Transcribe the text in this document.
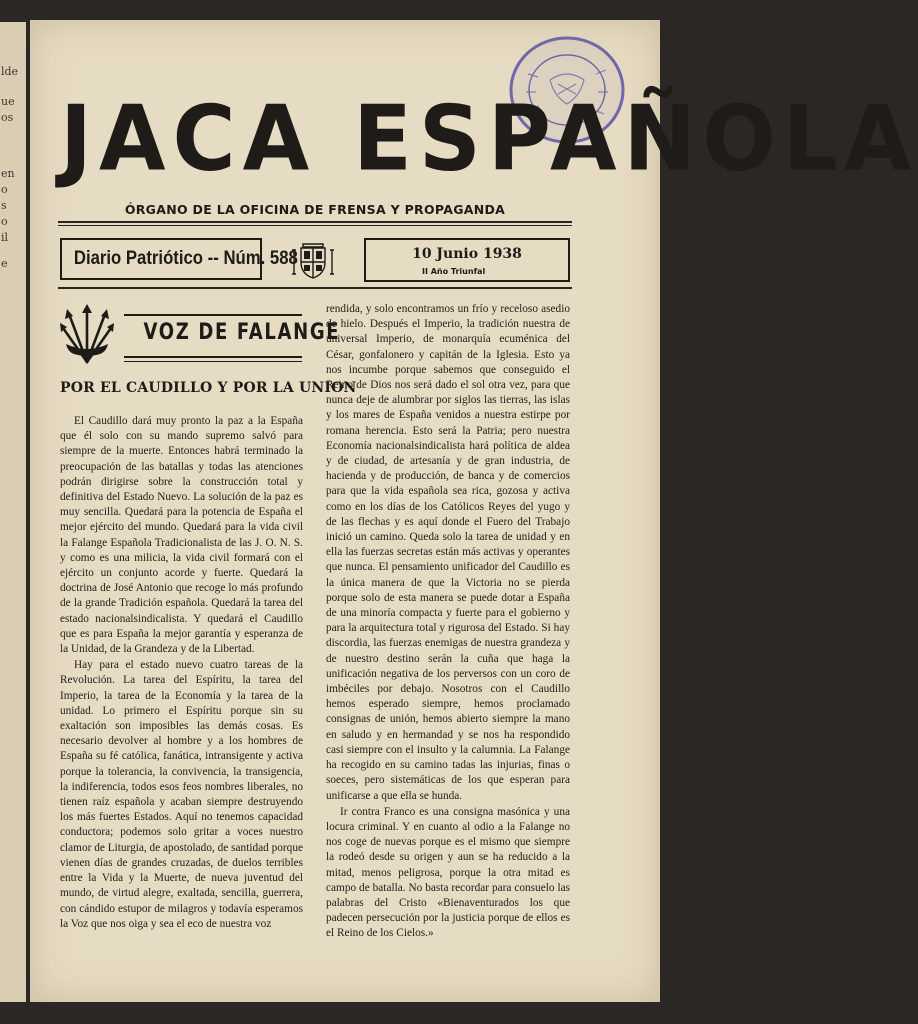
lde
ue
os
en
o
s
o
il
e
JACA ESPAÑOLA
ÓRGANO DE LA OFICINA DE FRENSA Y PROPAGANDA
Diario Patriótico -- Núm. 588	10 Junio 1938
II Año Triunfal
VOZ DE FALANGE
POR EL CAUDILLO Y POR LA UNION

El Caudillo dará muy pronto la paz a la España que él solo con su mando supremo salvó para siempre de la muerte. Entonces habrá terminado la preocupación de las batallas y todas las atenciones podrán dirigirse sobre la construcción total y definitiva del Estado Nuevo. La solución de la paz es muy sencilla. Quedará para la potencia de España el mejor ejército del mundo. Quedará para la vida civil la Falange Española Tradicionalista de las J. O. N. S. y como es una milicia, la vida civil formará con el ejército un conjunto acorde y fuerte. Quedará la doctrina de José Antonio que recoge lo más profundo de la grande Tradición española. Quedará la tarea del estado nacionalsindicalista. Y quedará el Caudillo que es para España la mejor garantía y esperanza de la Unidad, de la Grandeza y de la Libertad.

Hay para el estado nuevo cuatro tareas de la Revolución. La tarea del Espíritu, la tarea del Imperio, la tarea de la Economía y la tarea de la unidad. Lo primero el Espíritu porque sin su exaltación son imposibles las demás cosas. Es necesario devolver al hombre y a los hombres de España su fé católica, fanática, intransigente y activa porque la tolerancia, la convivencia, la transigencia, la indiferencia, todos esos feos nombres liberales, no tienen raíz española y acaban siempre destruyendo los más fuertes Estados. Aquí no tenemos capacidad conductora; podemos solo gritar a voces nuestro clamor de Liturgia, de apostolado, de santidad porque vienen días de grandes cruzadas, de duelos terribles entre la Vida y la Muerte, de nueva juventud del mundo, de virtud alegre, exaltada, sencilla, guerrera, con cándido estupor de milagros y todavía esperamos la Voz que nos oiga y sea el eco de nuestra voz

rendida, y solo encontramos un frío y receloso asedio de hielo. Después el Imperio, la tradición nuestra de universal Imperio, de monarquía ecuménica del César, gonfalonero y capitán de la Iglesia. Esto ya nos incumbe porque sabemos que conseguido el Reino de Dios nos será dado el sol otra vez, para que nunca deje de alumbrar por siglos las tierras, las islas y los mares de España venidos a nuestra estirpe por romana herencia. Esto será la Patria; pero nuestra Economía nacionalsindicalista hará política de aldea y de ciudad, de artesanía y de gran industria, de hacienda y de producción, de banca y de comercios para que la vida española sea rica, gozosa y activa como en los días de los Católicos Reyes del yugo y de las flechas y es aquí donde el Fuero del Trabajo inició un camino. Queda solo la tarea de unidad y en ella las fuerzas secretas están más activas y operantes que nunca. El pensamiento unificador del Caudillo es la única manera de que la Victoria no se pierda porque solo de esta manera se puede dotar a España de una minoría compacta y fuerte para el gobierno y para la arquitectura total y rigurosa del Estado. Si hay discordia, las fuerzas enemigas de nuestra grandeza y de nuestro destino serán la cuña que haga la unificación negativa de los perversos con un coro de imbéciles por debajo. Nosotros con el Caudillo hemos esperado siempre, hemos proclamado consignas de unión, hemos abierto siempre la mano en saludo y en hermandad y se nos ha respondido casi siempre con el insulto y la calumnia. La Falange ha recogido en su camino tadas las injurias, finas o soeces, pero sistemáticas de los que esperan para unificarse a que ella se hunda.

Ir contra Franco es una consigna masónica y una locura criminal. Y en cuanto al odio a la Falange no nos coge de nuevas porque es el mismo que siempre la rodeó desde su origen y aun se ha reducido a la mitad, menos peligrosa, porque la otra mitad es campo de batalla. No basta recordar para consuelo las palabras del Cristo «Bienaventurados los que padecen persecución por la justicia porque de ellos es el Reino de los Cielos.»
